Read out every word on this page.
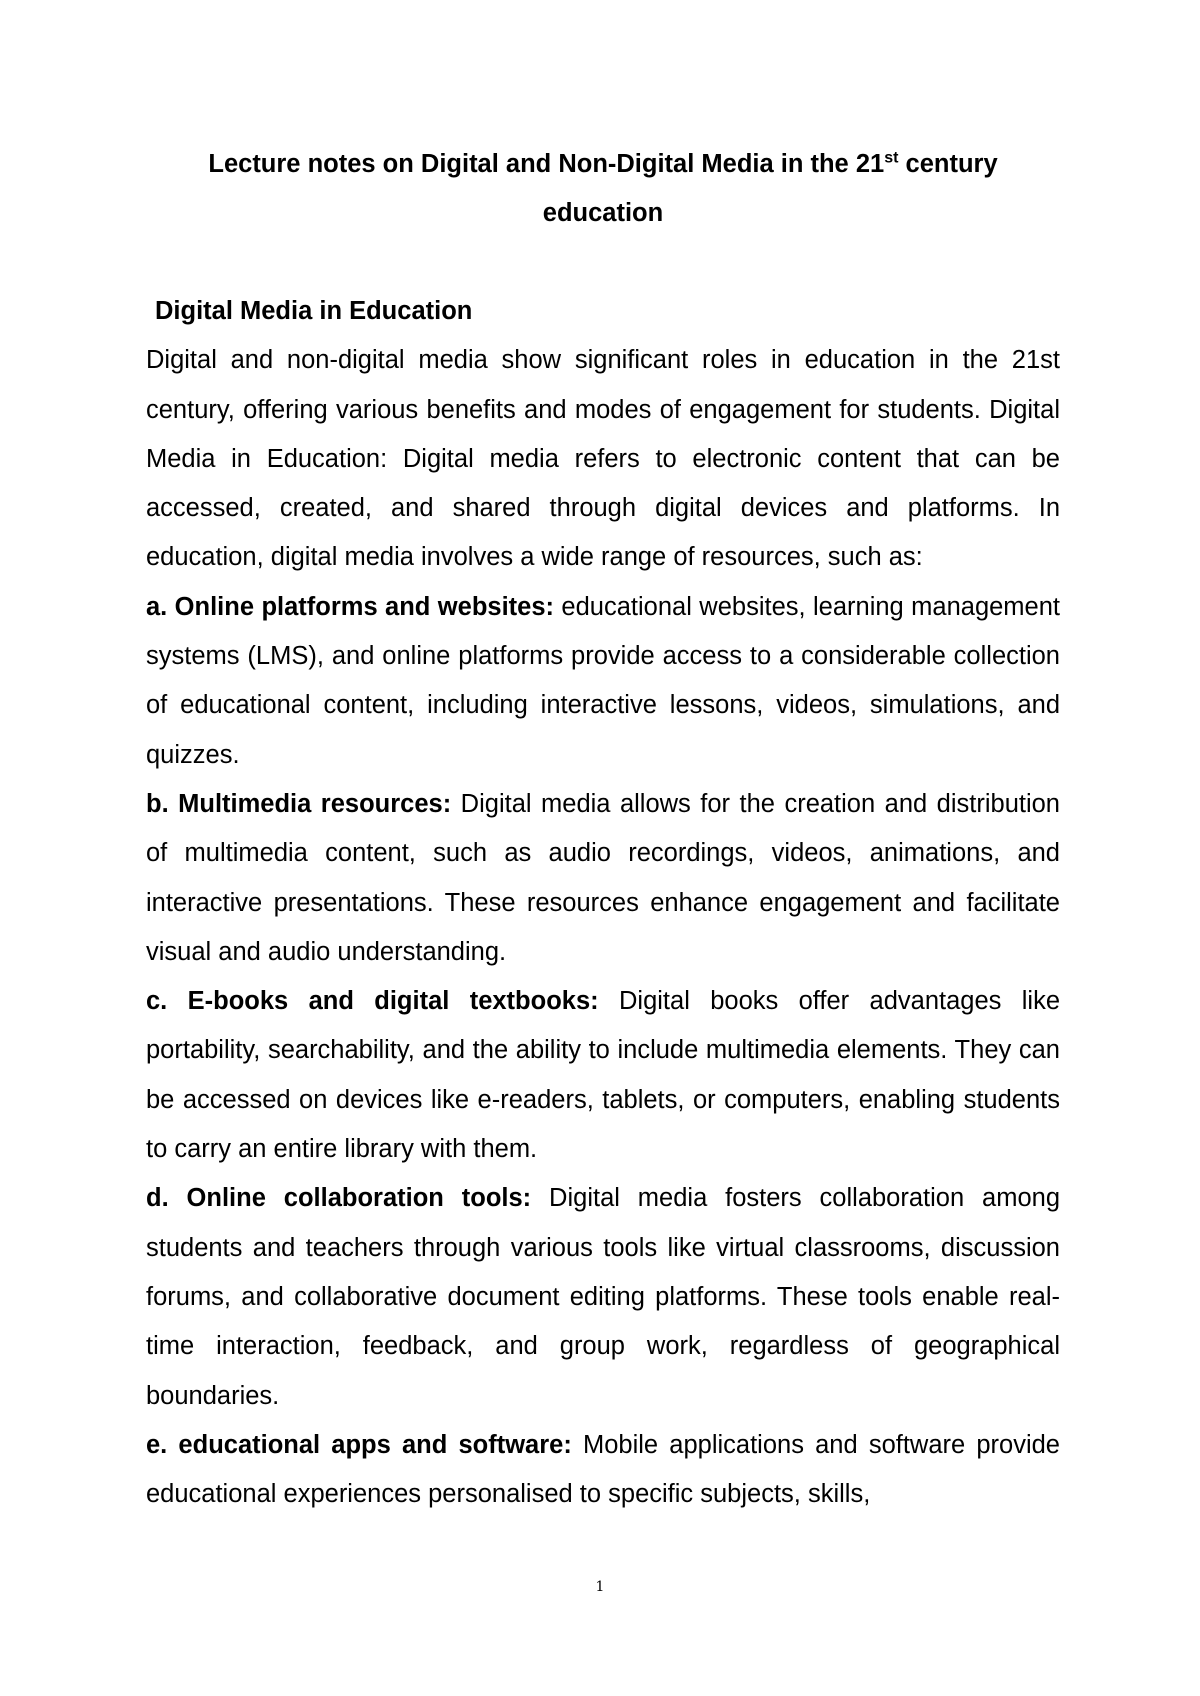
Lecture notes on Digital and Non-Digital Media in the 21st century
education

Digital Media in Education

Digital and non-digital media show significant roles in education in the 21st century, offering various benefits and modes of engagement for students. Digital Media in Education: Digital media refers to electronic content that can be accessed, created, and shared through digital devices and platforms. In education, digital media involves a wide range of resources, such as:

a. Online platforms and websites: educational websites, learning management systems (LMS), and online platforms provide access to a considerable collection of educational content, including interactive lessons, videos, simulations, and quizzes.

b. Multimedia resources: Digital media allows for the creation and distribution of multimedia content, such as audio recordings, videos, animations, and interactive presentations. These resources enhance engagement and facilitate visual and audio understanding.

c. E-books and digital textbooks: Digital books offer advantages like portability, searchability, and the ability to include multimedia elements. They can be accessed on devices like e-readers, tablets, or computers, enabling students to carry an entire library with them.

d. Online collaboration tools: Digital media fosters collaboration among students and teachers through various tools like virtual classrooms, discussion forums, and collaborative document editing platforms. These tools enable real-time interaction, feedback, and group work, regardless of geographical boundaries.

e. educational apps and software: Mobile applications and software provide educational experiences personalised to specific subjects, skills,

1
